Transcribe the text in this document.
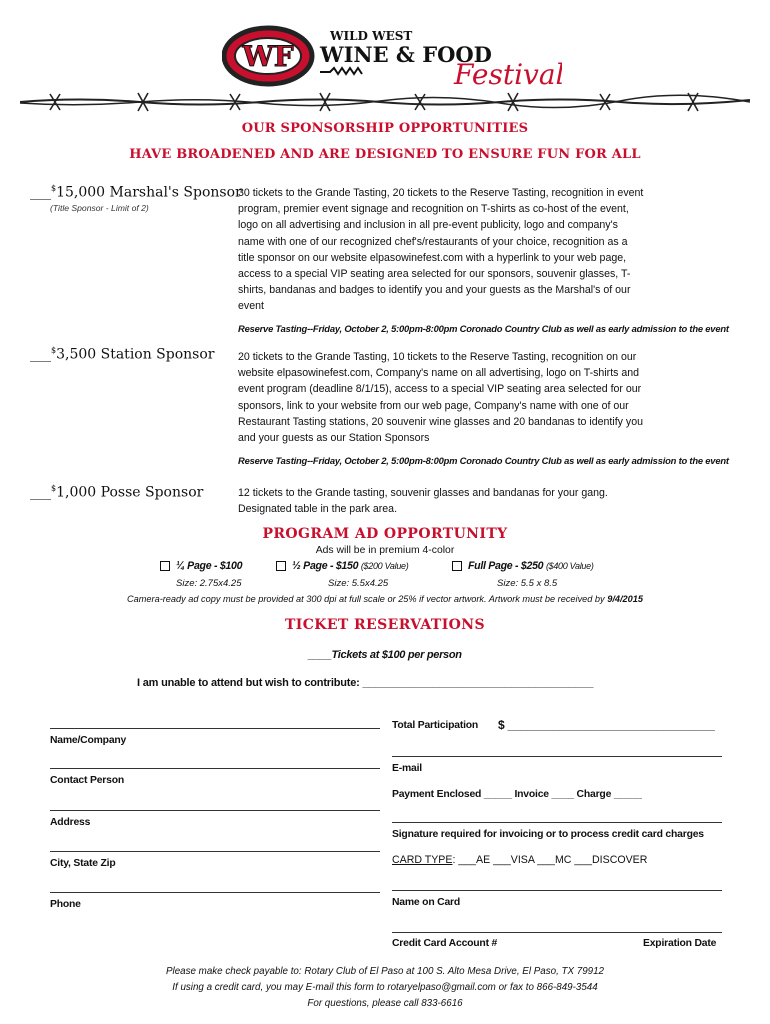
WF
WILD WEST
WINE & FOOD
Festival
OUR SPONSORSHIP OPPORTUNITIES
HAVE BROADENED AND ARE DESIGNED TO ENSURE FUN FOR ALL
___$15,000 Marshal's Sponsor
(Title Sponsor - Limit of 2)
30 tickets to the Grande Tasting, 20 tickets to the Reserve Tasting, recognition in event
program, premier event signage and recognition on T-shirts as co-host of the event,
logo on all advertising and inclusion in all pre-event publicity, logo and company's
name with one of our recognized chef's/restaurants of your choice, recognition as a
title sponsor on our website elpasowinefest.com with a hyperlink to your web page,
access to a special VIP seating area selected for our sponsors, souvenir glasses, T-
shirts, bandanas and badges to identify you and your guests as the Marshal's of our
event
Reserve Tasting--Friday, October 2, 5:00pm-8:00pm Coronado Country Club as well as early admission to the event
___$3,500 Station Sponsor 20 tickets to the Grande Tasting, 10 tickets to the Reserve Tasting, recognition on our
website elpasowinefest.com, Company's name on all advertising, logo on T-shirts and
event program (deadline 8/1/15), access to a special VIP seating area selected for our
sponsors, link to your website from our web page, Company's name with one of our
Restaurant Tasting stations, 20 souvenir wine glasses and 20 bandanas to identify you
and your guests as our Station Sponsors
Reserve Tasting--Friday, October 2, 5:00pm-8:00pm Coronado Country Club as well as early admission to the event
___$1,000 Posse Sponsor	12 tickets to the Grande tasting, souvenir glasses and bandanas for your gang.
Designated table in the park area.
PROGRAM AD OPPORTUNITY
Ads will be in premium 4-color
¼ Page - $100	½ Page - $150 ($200 Value)	Full Page - $250 ($400 Value)
Size: 2.75x4.25	Size: 5.5x4.25	Size: 5.5 x 8.5
Camera-ready ad copy must be provided at 300 dpi at full scale or 25% if vector artwork. Artwork must be received by 9/4/2015
TICKET RESERVATIONS
____Tickets at $100 per person
I am unable to attend but wish to contribute: _______________________________________
Name/Company
Contact Person
Address
City, State Zip
Phone
Total Participation $ ________________________________
E-mail
Payment Enclosed _____ Invoice ____ Charge _____
Signature required for invoicing or to process credit card charges
CARD TYPE: ___AE ___VISA ___MC ___DISCOVER
Name on Card
Credit Card Account #	Expiration Date
Please make check payable to: Rotary Club of El Paso at 100 S. Alto Mesa Drive, El Paso, TX 79912
If using a credit card, you may E-mail this form to rotaryelpaso@gmail.com or fax to 866-849-3544
For questions, please call 833-6616
